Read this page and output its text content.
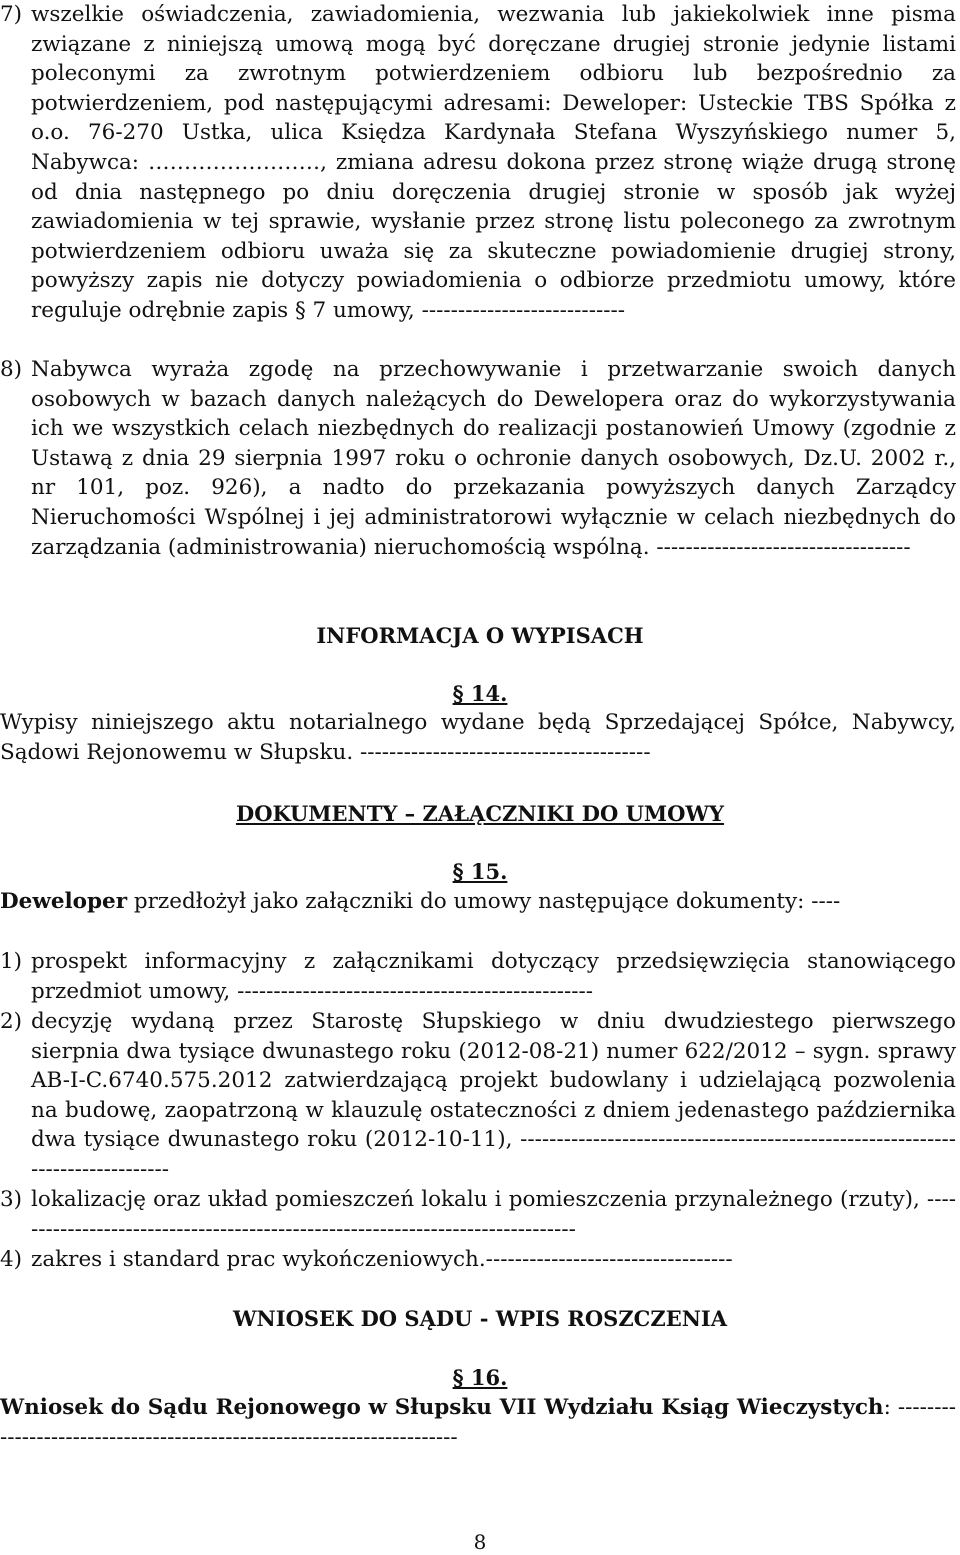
7) wszelkie oświadczenia, zawiadomienia, wezwania lub jakiekolwiek inne pisma związane z niniejszą umową mogą być doręczane drugiej stronie jedynie listami poleconymi za zwrotnym potwierdzeniem odbioru lub bezpośrednio za potwierdzeniem, pod następującymi adresami: Deweloper: Usteckie TBS Spółka z o.o. 76-270 Ustka, ulica Księdza Kardynała Stefana Wyszyńskiego numer 5, Nabywca: ……………………, zmiana adresu dokona przez stronę wiąże drugą stronę od dnia następnego po dniu doręczenia drugiej stronie w sposób jak wyżej zawiadomienia w tej sprawie, wysłanie przez stronę listu poleconego za zwrotnym potwierdzeniem odbioru uważa się za skuteczne powiadomienie drugiej strony, powyższy zapis nie dotyczy powiadomienia o odbiorze przedmiotu umowy, które reguluje odrębnie zapis § 7 umowy, ----------------------------
8) Nabywca wyraża zgodę na przechowywanie i przetwarzanie swoich danych osobowych w bazach danych należących do Dewelopera oraz do wykorzystywania ich we wszystkich celach niezbędnych do realizacji postanowień Umowy (zgodnie z Ustawą z dnia 29 sierpnia 1997 roku o ochronie danych osobowych, Dz.U. 2002 r., nr 101, poz. 926), a nadto do przekazania powyższych danych Zarządcy Nieruchomości Wspólnej i jej administratorowi wyłącznie w celach niezbędnych do zarządzania (administrowania) nieruchomością wspólną. -----------------------------------
INFORMACJA O WYPISACH
§ 14.
Wypisy niniejszego aktu notarialnego wydane będą Sprzedającej Spółce, Nabywcy, Sądowi Rejonowemu w Słupsku. ----------------------------------------
DOKUMENTY – ZAŁĄCZNIKI DO UMOWY
§ 15.
Deweloper przedłożył jako załączniki do umowy następujące dokumenty: ----
1) prospekt informacyjny z załącznikami dotyczący przedsięwzięcia stanowiącego przedmiot umowy, -------------------------------------------------
2) decyzję wydaną przez Starostę Słupskiego w dniu dwudziestego pierwszego sierpnia dwa tysiące dwunastego roku (2012-08-21) numer 622/2012 – sygn. sprawy AB-I-C.6740.575.2012 zatwierdzającą projekt budowlany i udzielającą pozwolenia na budowę, zaopatrzoną w klauzulę ostateczności z dniem jedenastego października dwa tysiące dwunastego roku (2012-10-11), -------------------------------------------------------------------------------
3) lokalizację oraz układ pomieszczeń lokalu i pomieszczenia przynależnego (rzuty), -------------------------------------------------------------------------------
4) zakres i standard prac wykończeniowych.----------------------------------
WNIOSEK DO SĄDU - WPIS ROSZCZENIA
§ 16.
Wniosek do Sądu Rejonowego w Słupsku VII Wydziału Ksiąg Wieczystych: -----------------------------------------------------------------------
8
